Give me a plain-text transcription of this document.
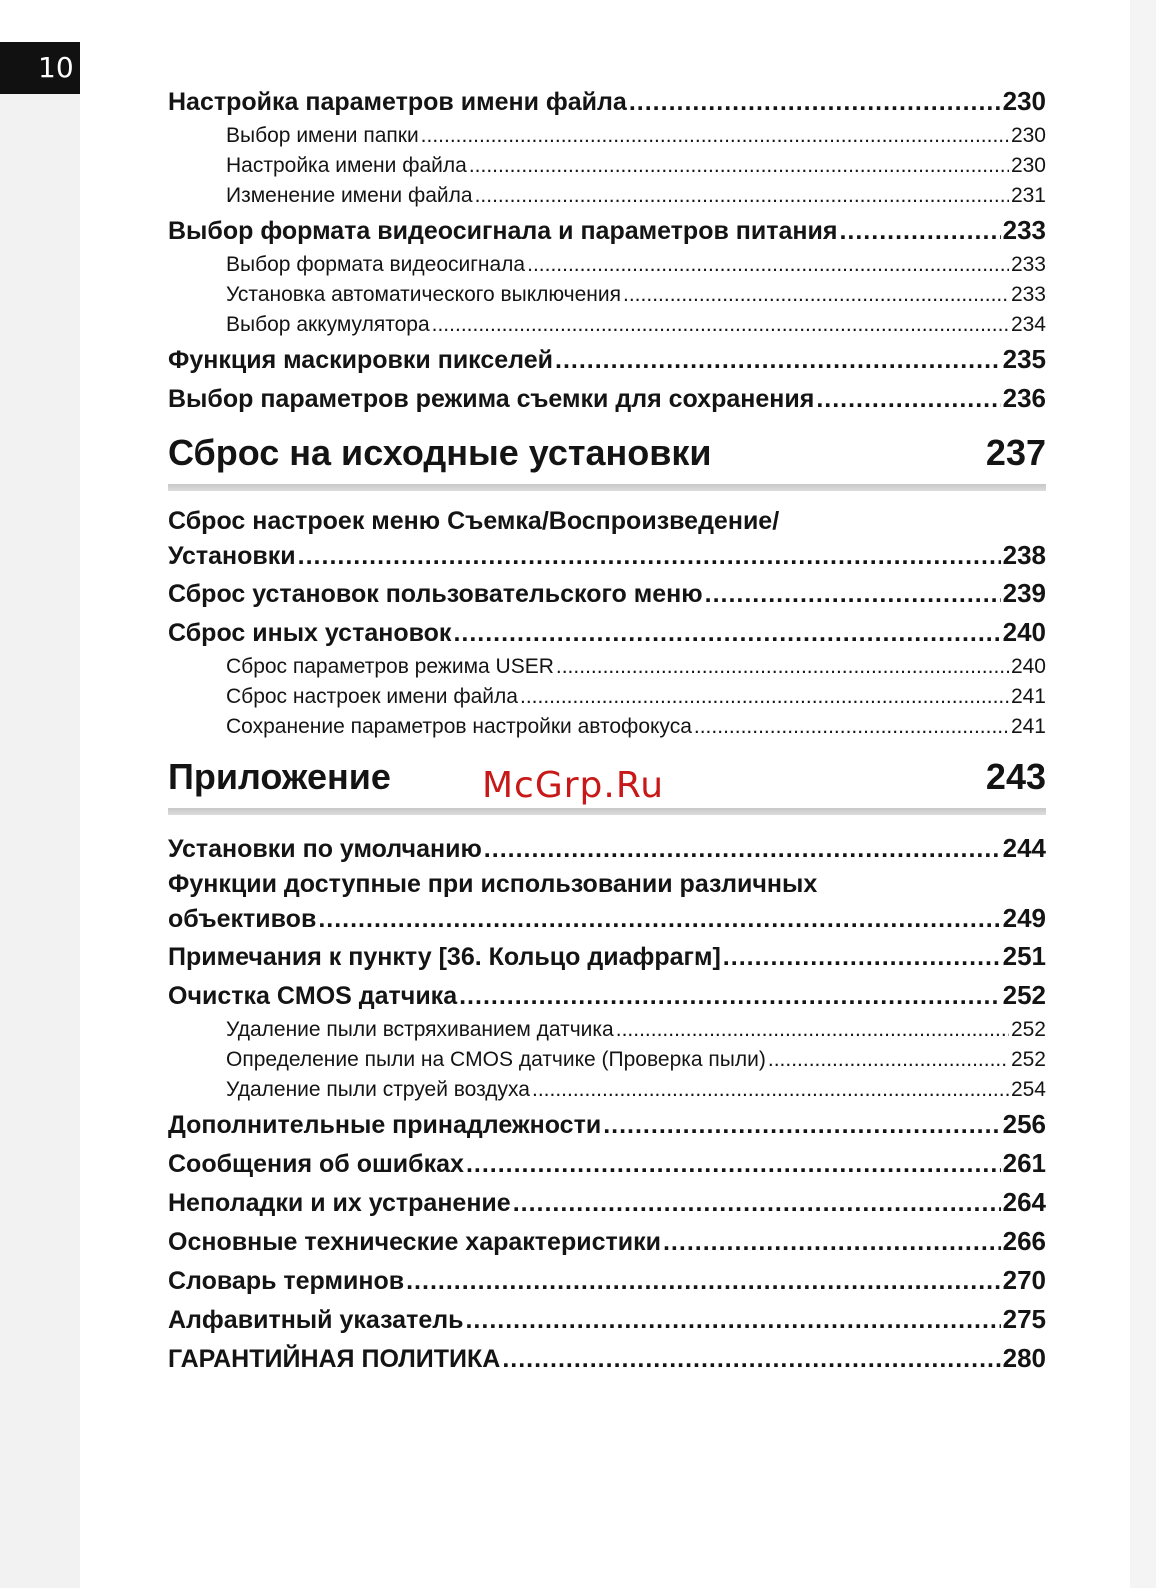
10
Настройка параметров имени файла .....	230
Выбор имени папки .....	230
Настройка имени файла .....	230
Изменение имени файла .....	231
Выбор формата видеосигнала и параметров питания .....	233
Выбор формата видеосигнала .....	233
Установка автоматического выключения .....	233
Выбор аккумулятора .....	234
Функция маскировки пикселей .....	235
Выбор параметров режима съемки для сохранения .....	236
Сброс на исходные установки	237
Сброс настроек меню Съемка/Воспроизведение/
Установки .....	238
Сброс установок пользовательского меню .....	239
Сброс иных установок .....	240
Сброс параметров режима USER .....	240
Сброс настроек имени файла .....	241
Сохранение параметров настройки автофокуса .....	241
Приложение	243
Установки по умолчанию .....	244
Функции доступные при использовании различных
объективов .....	249
Примечания к пункту [36. Кольцо диафрагм] .....	251
Очистка CMOS датчика .....	252
Удаление пыли встряхиванием датчика .....	252
Определение пыли на CMOS датчике (Проверка пыли) .....	252
Удаление пыли струей воздуха .....	254
Дополнительные принадлежности .....	256
Сообщения об ошибках .....	261
Неполадки и их устранение .....	264
Основные технические характеристики .....	266
Словарь терминов .....	270
Алфавитный указатель .....	275
ГАРАНТИЙНАЯ ПОЛИТИКА .....	280
McGrp.Ru
